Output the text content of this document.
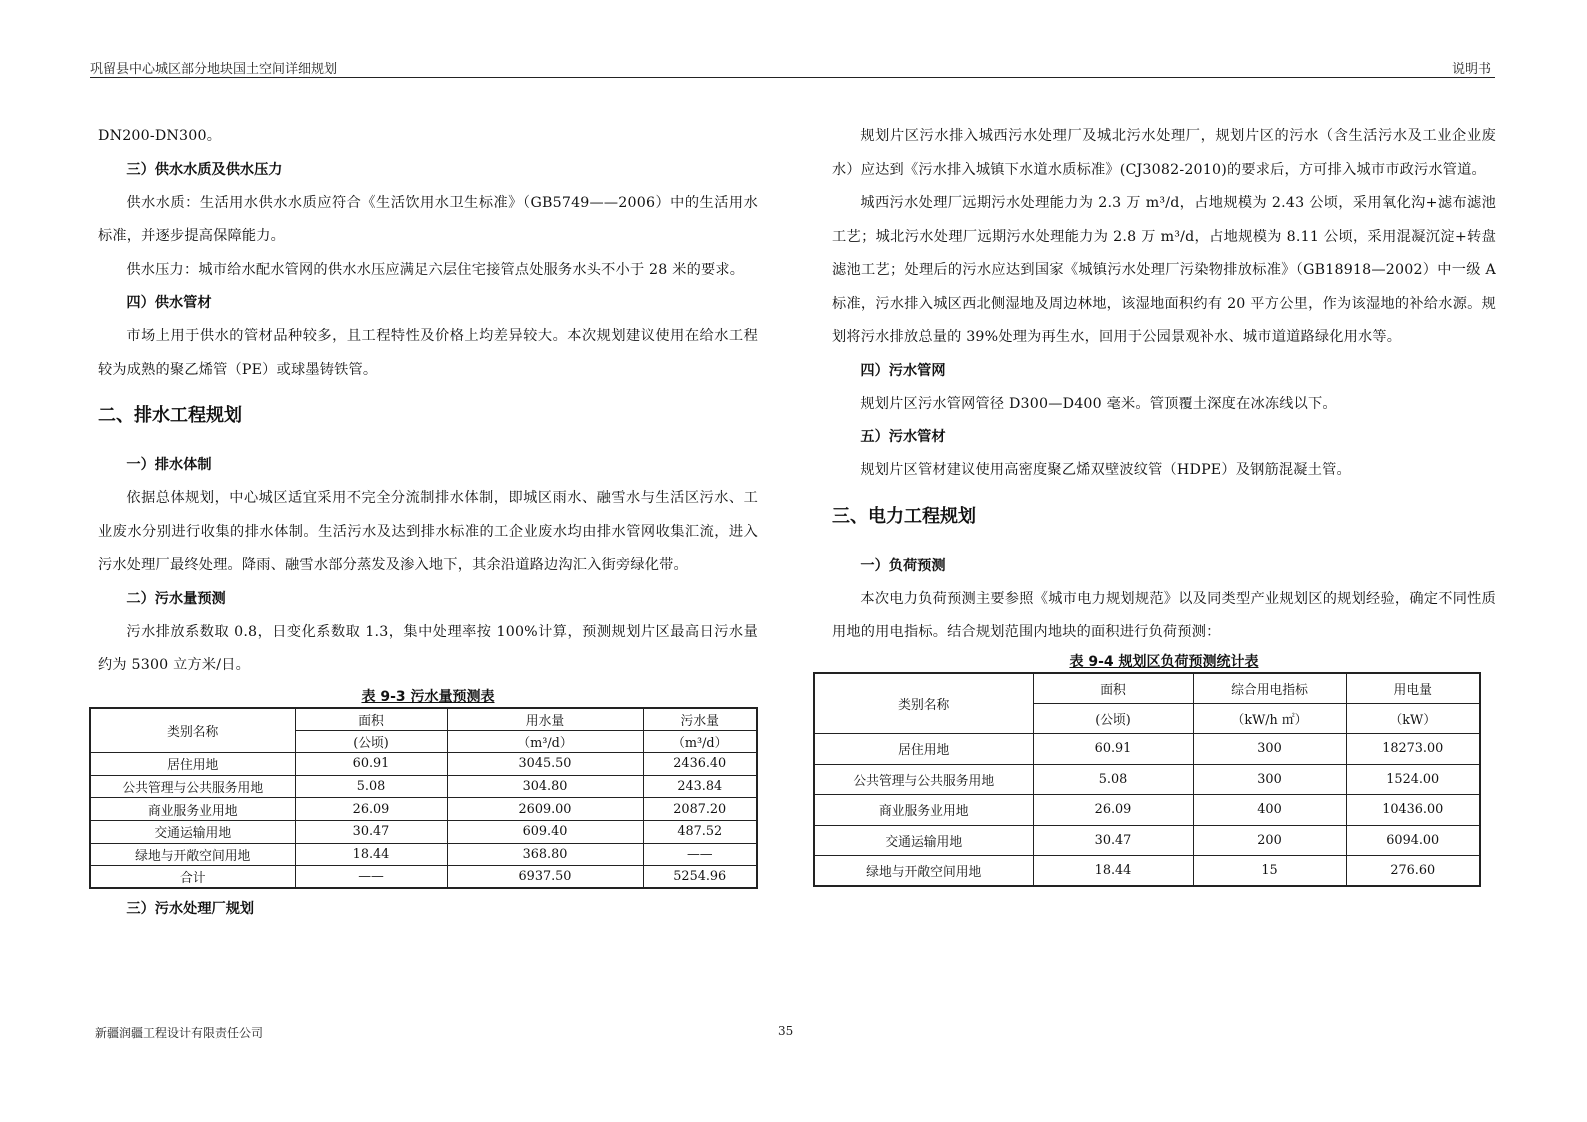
巩留县中心城区部分地块国土空间详细规划	说明书
DN200-DN300。
三）供水水质及供水压力
供水水质：生活用水供水水质应符合《生活饮用水卫生标准》（GB5749——2006）中的生活用水标准，并逐步提高保障能力。
供水压力：城市给水配水管网的供水水压应满足六层住宅接管点处服务水头不小于 28 米的要求。
四）供水管材
市场上用于供水的管材品种较多，且工程特性及价格上均差异较大。本次规划建议使用在给水工程较为成熟的聚乙烯管（PE）或球墨铸铁管。
二、排水工程规划
一）排水体制
依据总体规划，中心城区适宜采用不完全分流制排水体制，即城区雨水、融雪水与生活区污水、工业废水分别进行收集的排水体制。生活污水及达到排水标准的工企业废水均由排水管网收集汇流，进入污水处理厂最终处理。降雨、融雪水部分蒸发及渗入地下，其余沿道路边沟汇入街旁绿化带。
二）污水量预测
污水排放系数取 0.8，日变化系数取 1.3，集中处理率按 100%计算，预测规划片区最高日污水量约为 5300 立方米/日。
表 9-3 污水量预测表
类别名称	面积	用水量	污水量
	(公顷)	（m³/d）	（m³/d）
居住用地	60.91	3045.50	2436.40
公共管理与公共服务用地	5.08	304.80	243.84
商业服务业用地	26.09	2609.00	2087.20
交通运输用地	30.47	609.40	487.52
绿地与开敞空间用地	18.44	368.80	——
合计	——	6937.50	5254.96
三）污水处理厂规划
规划片区污水排入城西污水处理厂及城北污水处理厂，规划片区的污水（含生活污水及工业企业废水）应达到《污水排入城镇下水道水质标准》(CJ3082-2010)的要求后，方可排入城市市政污水管道。
城西污水处理厂远期污水处理能力为 2.3 万 m³/d，占地规模为 2.43 公顷，采用氧化沟+滤布滤池工艺；城北污水处理厂远期污水处理能力为 2.8 万 m³/d，占地规模为 8.11 公顷，采用混凝沉淀+转盘滤池工艺；处理后的污水应达到国家《城镇污水处理厂污染物排放标准》（GB18918—2002）中一级 A 标准，污水排入城区西北侧湿地及周边林地，该湿地面积约有 20 平方公里，作为该湿地的补给水源。规划将污水排放总量的 39%处理为再生水，回用于公园景观补水、城市道道路绿化用水等。
四）污水管网
规划片区污水管网管径 D300—D400 毫米。管顶覆土深度在冰冻线以下。
五）污水管材
规划片区管材建议使用高密度聚乙烯双壁波纹管（HDPE）及钢筋混凝土管。
三、电力工程规划
一）负荷预测
本次电力负荷预测主要参照《城市电力规划规范》以及同类型产业规划区的规划经验，确定不同性质用地的用电指标。结合规划范围内地块的面积进行负荷预测：
表 9-4 规划区负荷预测统计表
类别名称	面积	综合用电指标	用电量
	(公顷)	（kW/h ㎡）	（kW）
居住用地	60.91	300	18273.00
公共管理与公共服务用地	5.08	300	1524.00
商业服务业用地	26.09	400	10436.00
交通运输用地	30.47	200	6094.00
绿地与开敞空间用地	18.44	15	276.60
新疆润疆工程设计有限责任公司	35
